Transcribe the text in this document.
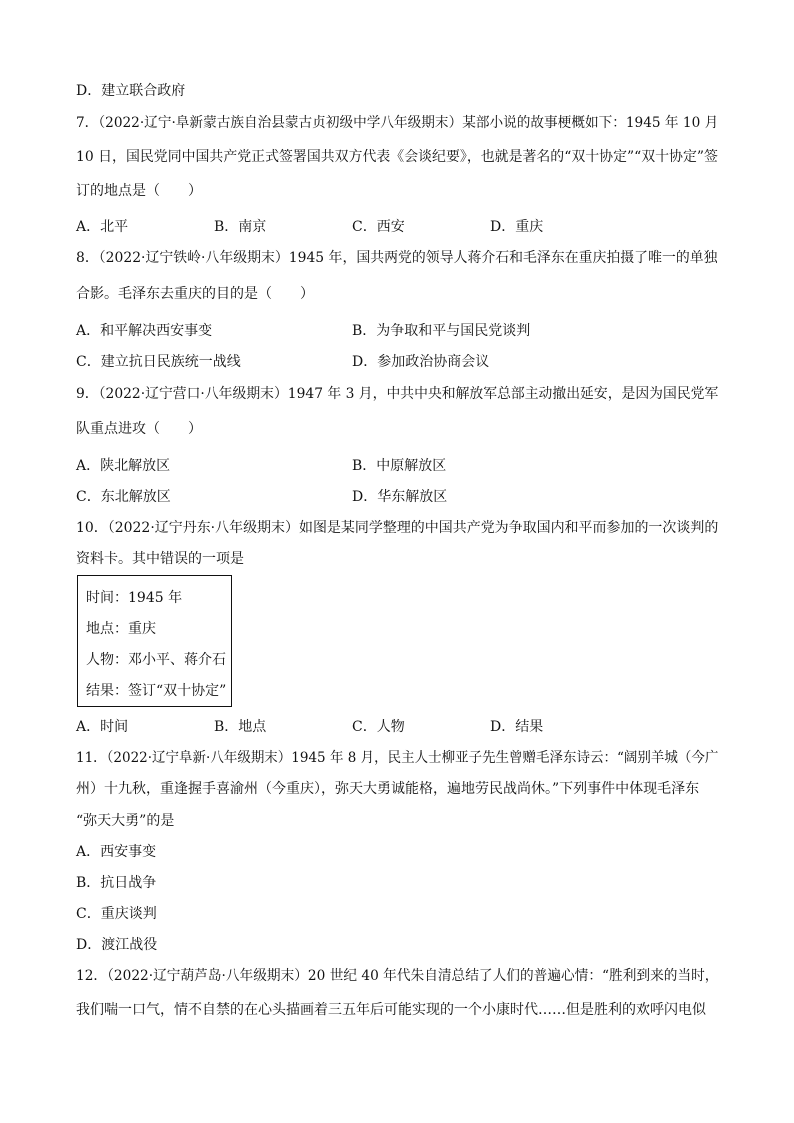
D．建立联合政府
7．（2022·辽宁·阜新蒙古族自治县蒙古贞初级中学八年级期末）某部小说的故事梗概如下：1945 年 10 月
10 日，国民党同中国共产党正式签署国共双方代表《会谈纪要》，也就是著名的“双十协定”“双十协定”签
订的地点是（　　）
A．北平	B．南京	C．西安	D．重庆
8．（2022·辽宁铁岭·八年级期末）1945 年，国共两党的领导人蒋介石和毛泽东在重庆拍摄了唯一的单独
合影。毛泽东去重庆的目的是（　　）
A．和平解决西安事变	B．为争取和平与国民党谈判
C．建立抗日民族统一战线	D．参加政治协商会议
9．（2022·辽宁营口·八年级期末）1947 年 3 月，中共中央和解放军总部主动撤出延安，是因为国民党军
队重点进攻（　　）
A．陕北解放区	B．中原解放区
C．东北解放区	D．华东解放区
10．（2022·辽宁丹东·八年级期末）如图是某同学整理的中国共产党为争取国内和平而参加的一次谈判的
资料卡。其中错误的一项是
时间：1945 年
地点：重庆
人物：邓小平、蒋介石
结果：签订“双十协定”
A．时间	B．地点	C．人物	D．结果
11．（2022·辽宁阜新·八年级期末）1945 年 8 月，民主人士柳亚子先生曾赠毛泽东诗云：“阔别羊城（今广
州）十九秋，重逢握手喜渝州（今重庆），弥天大勇诚能格，遍地劳民战尚休。”下列事件中体现毛泽东
“弥天大勇”的是
A．西安事变
B．抗日战争
C．重庆谈判
D．渡江战役
12．（2022·辽宁葫芦岛·八年级期末）20 世纪 40 年代朱自清总结了人们的普遍心情：“胜利到来的当时，
我们喘一口气，情不自禁的在心头描画着三五年后可能实现的一个小康时代……但是胜利的欢呼闪电似
